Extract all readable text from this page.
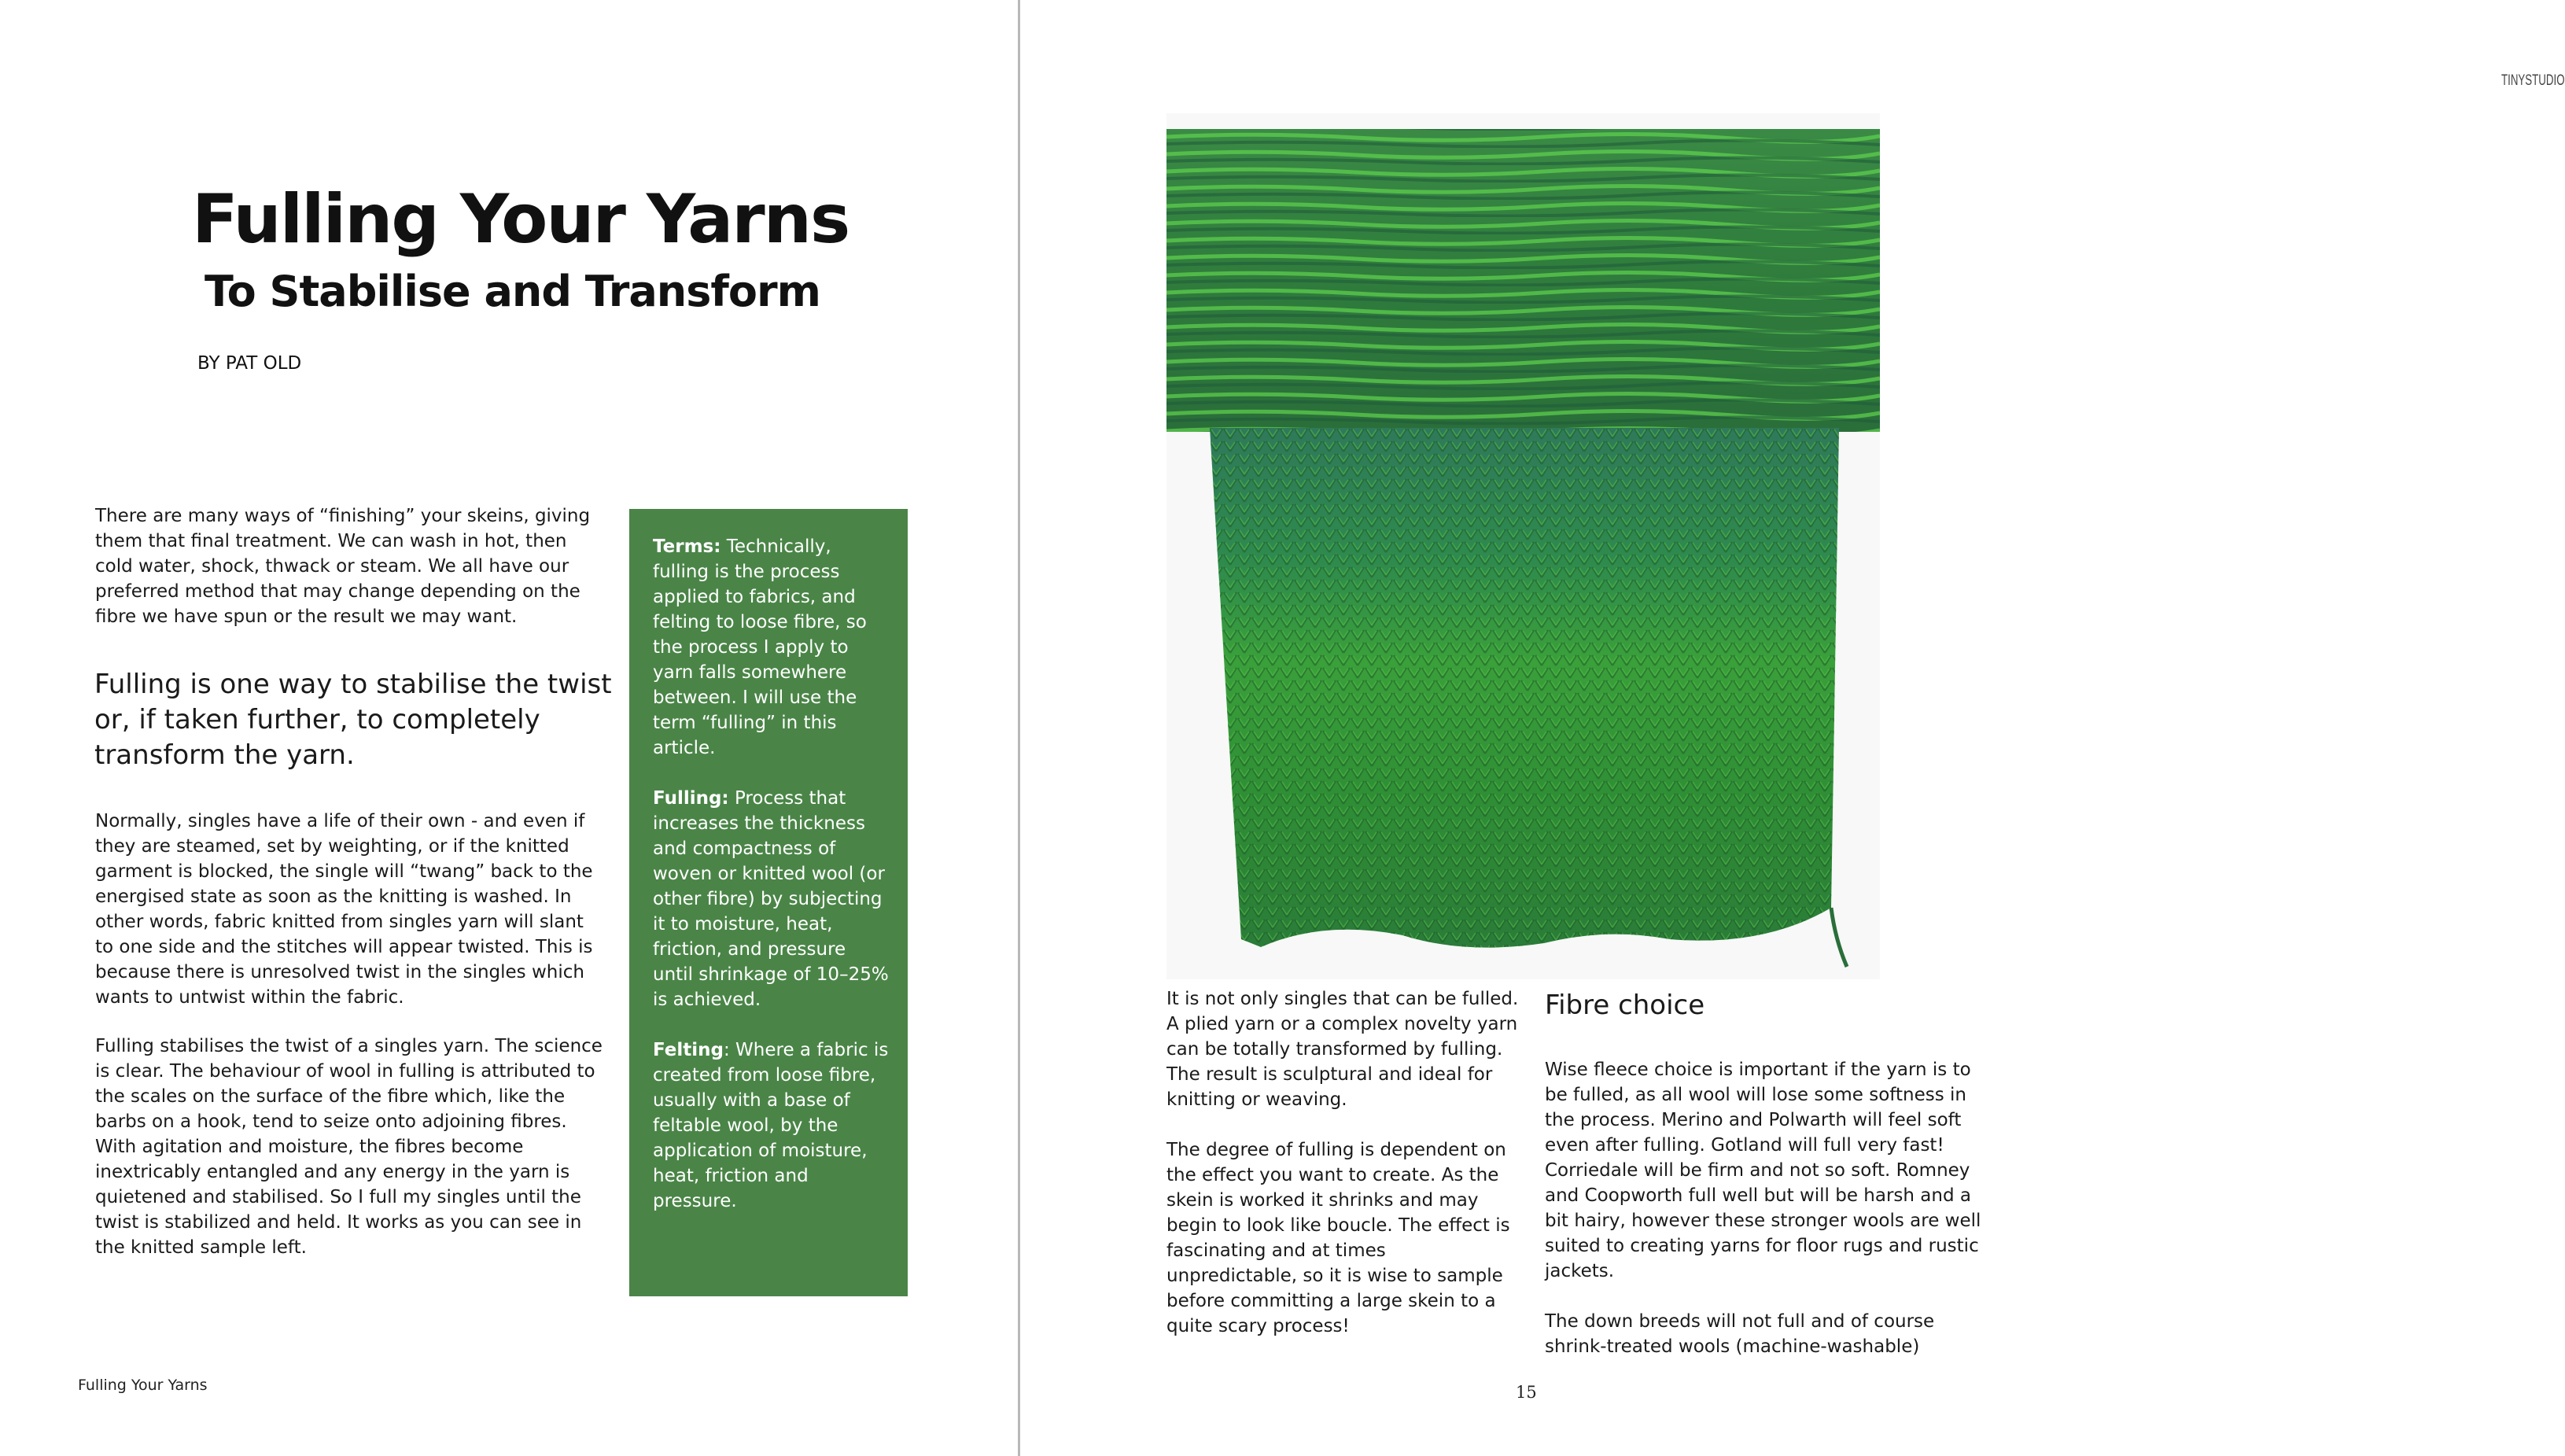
Fulling Your Yarns
To Stabilise and Transform

BY PAT OLD

There are many ways of “finishing” your skeins, giving them that final treatment. We can wash in hot, then cold water, shock, thwack or steam. We all have our preferred method that may change depending on the fibre we have spun or the result we may want.

Fulling is one way to stabilise the twist or, if taken further, to completely transform the yarn.

Normally, singles have a life of their own - and even if they are steamed, set by weighting, or if the knitted garment is blocked, the single will “twang” back to the energised state as soon as the knitting is washed. In other words, fabric knitted from singles yarn will slant to one side and the stitches will appear twisted. This is because there is unresolved twist in the singles which wants to untwist within the fabric.

Fulling stabilises the twist of a singles yarn. The science is clear. The behaviour of wool in fulling is attributed to the scales on the surface of the fibre which, like the barbs on a hook, tend to seize onto adjoining fibres. With agitation and moisture, the fibres become inextricably entangled and any energy in the yarn is quietened and stabilised. So I full my singles until the twist is stabilized and held. It works as you can see in the knitted sample left.

Terms: Technically, fulling is the process applied to fabrics, and felting to loose fibre, so the process I apply to yarn falls somewhere between. I will use the term “fulling” in this article.

Fulling: Process that increases the thickness and compactness of woven or knitted wool (or other fibre) by subjecting it to moisture, heat, friction, and pressure until shrinkage of 10–25% is achieved.

Felting: Where a fabric is created from loose fibre, usually with a base of feltable wool, by the application of moisture, heat, friction and pressure.

Fulling Your Yarns

TINYSTUDIO

It is not only singles that can be fulled. A plied yarn or a complex novelty yarn can be totally transformed by fulling. The result is sculptural and ideal for knitting or weaving.

The degree of fulling is dependent on the effect you want to create. As the skein is worked it shrinks and may begin to look like boucle. The effect is fascinating and at times unpredictable, so it is wise to sample before committing a large skein to a quite scary process!

Fibre choice

Wise fleece choice is important if the yarn is to be fulled, as all wool will lose some softness in the process. Merino and Polwarth will feel soft even after fulling. Gotland will full very fast! Corriedale will be firm and not so soft. Romney and Coopworth full well but will be harsh and a bit hairy, however these stronger wools are well suited to creating yarns for floor rugs and rustic jackets.

The down breeds will not full and of course shrink-treated wools (machine-washable)

15
